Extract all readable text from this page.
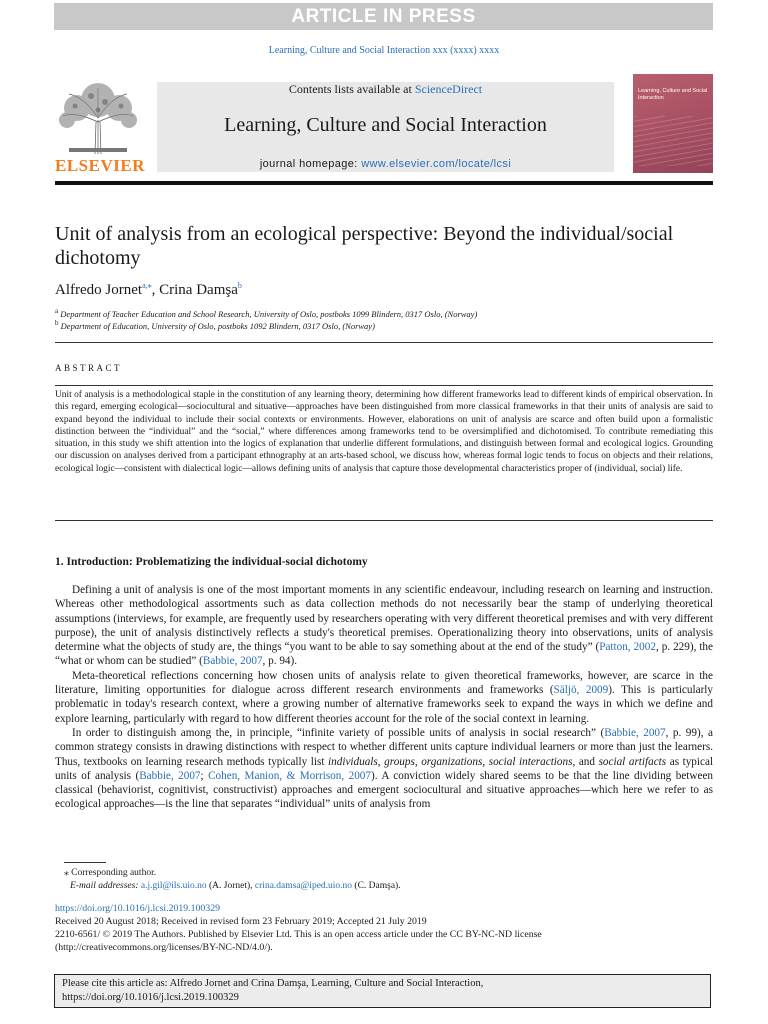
ARTICLE IN PRESS
Learning, Culture and Social Interaction xxx (xxxx) xxxx
ELSEVIER
Contents lists available at ScienceDirect
Learning, Culture and Social Interaction
journal homepage: www.elsevier.com/locate/lcsi
Learning, Culture and Social Interaction
Unit of analysis from an ecological perspective: Beyond the individual/social dichotomy
Alfredo Jornet$^{a,⁎}$, Crina Damşa$^b$
$^a$ Department of Teacher Education and School Research, University of Oslo, postboks 1099 Blindern, 0317 Oslo, (Norway)
$^b$ Department of Education, University of Oslo, postboks 1092 Blindern, 0317 Oslo, (Norway)
ABSTRACT
Unit of analysis is a methodological staple in the constitution of any learning theory, determining how different frameworks lead to different kinds of empirical observation. In this regard, emerging ecological—sociocultural and situative—approaches have been distinguished from more classical frameworks in that their units of analysis are said to expand beyond the individual to include their social contexts or environments. However, elaborations on unit of analysis are scarce and often build upon a formalistic distinction between the “individual” and the “social,” where differences among frameworks tend to be oversimplified and dichotomised. To contribute remediating this situation, in this study we shift attention into the logics of explanation that underlie different formulations, and distinguish between formal and ecological logics. Grounding our discussion on analyses derived from a participant ethnography at an arts-based school, we discuss how, whereas formal logic tends to focus on objects and their relations, ecological logic—consistent with dialectical logic—allows defining units of analysis that capture those developmental characteristics proper of (individual, social) life.
1. Introduction: Problematizing the individual-social dichotomy

Defining a unit of analysis is one of the most important moments in any scientific endeavour, including research on learning and instruction. Whereas other methodological assortments such as data collection methods do not necessarily bear the stamp of underlying theoretical assumptions (interviews, for example, are frequently used by researchers operating with very different theoretical premises and with very different purpose), the unit of analysis distinctively reflects a study's theoretical premises. Operationalizing theory into observations, units of analysis determine what the objects of study are, the things “you want to be able to say something about at the end of the study” (Patton, 2002, p. 229), the “what or whom can be studied” (Babbie, 2007, p. 94).

Meta-theoretical reflections concerning how chosen units of analysis relate to given theoretical frameworks, however, are scarce in the literature, limiting opportunities for dialogue across different research environments and frameworks (Säljö, 2009). This is particularly problematic in today's research context, where a growing number of alternative frameworks seek to expand the ways in which we define and explore learning, particularly with regard to how different theories account for the role of the social context in learning.

In order to distinguish among the, in principle, “infinite variety of possible units of analysis in social research” (Babbie, 2007, p. 99), a common strategy consists in drawing distinctions with respect to whether different units capture individual learners or more than just the learners. Thus, textbooks on learning research methods typically list individuals, groups, organizations, social interactions, and social artifacts as typical units of analysis (Babbie, 2007; Cohen, Manion, & Morrison, 2007). A conviction widely shared seems to be that the line dividing between classical (behaviorist, cognitivist, constructivist) approaches and emergent sociocultural and situative approaches—which here we refer to as ecological approaches—is the line that separates “individual” units of analysis from

⁎ Corresponding author.
E-mail addresses: a.j.gil@ils.uio.no (A. Jornet), crina.damsa@iped.uio.no (C. Damşa).
https://doi.org/10.1016/j.lcsi.2019.100329
Received 20 August 2018; Received in revised form 23 February 2019; Accepted 21 July 2019
2210-6561/ © 2019 The Authors. Published by Elsevier Ltd. This is an open access article under the CC BY-NC-ND license
(http://creativecommons.org/licenses/BY-NC-ND/4.0/).
Please cite this article as: Alfredo Jornet and Crina Damşa, Learning, Culture and Social Interaction,
https://doi.org/10.1016/j.lcsi.2019.100329
